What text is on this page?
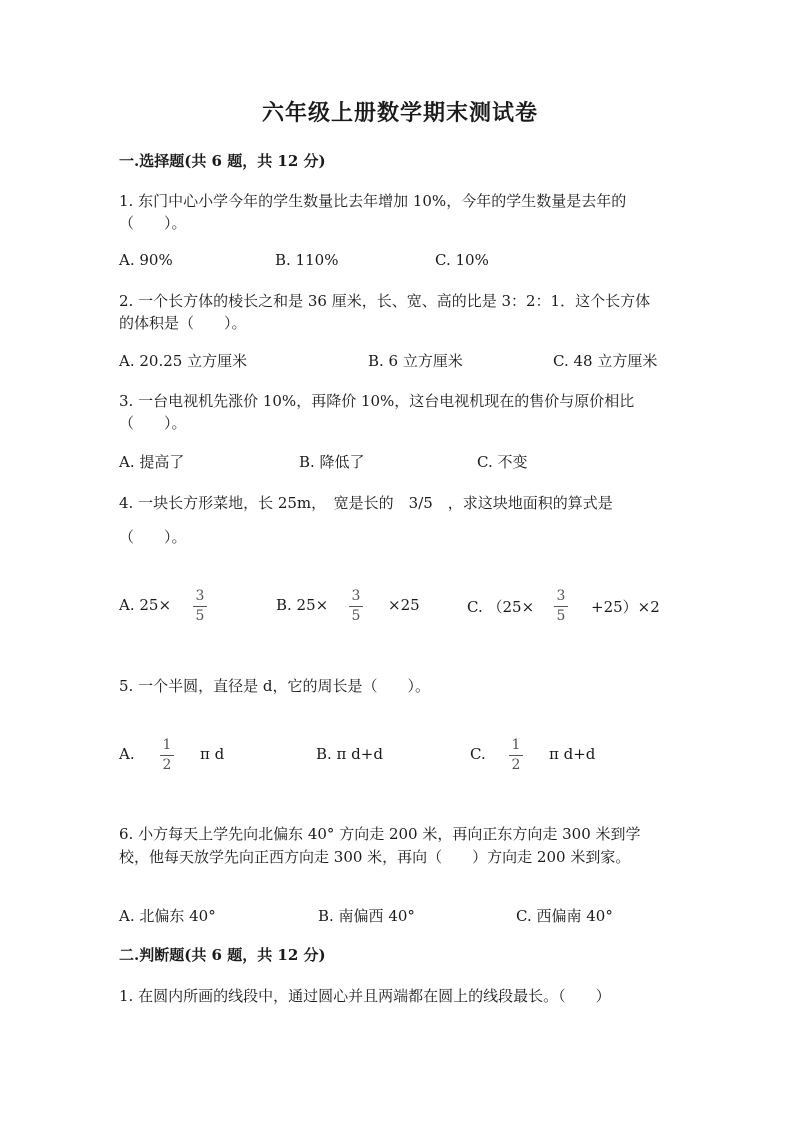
六年级上册数学期末测试卷
一.选择题(共 6 题，共 12 分)
1. 东门中心小学今年的学生数量比去年增加 10%，今年的学生数量是去年的
（　　）。
A. 90%	B. 110%	C. 10%
2. 一个长方体的棱长之和是 36 厘米，长、宽、高的比是 3：2：1．这个长方体
的体积是（　　）。
A. 20.25 立方厘米	B. 6 立方厘米	C. 48 立方厘米
3. 一台电视机先涨价 10%，再降价 10%，这台电视机现在的售价与原价相比
（　　）。
A. 提高了	B. 降低了	C. 不变
4. 一块长方形菜地，长 25m，　宽是长的　3/5　，求这块地面积的算式是
（　　）。
A. 25×	3
5
B. 25×	3
5
×25	C. （25×
3
5	+25）×2
5. 一个半圆，直径是 d，它的周长是（　　）。
A.	1
2
π d	B. π d+d	C.	1
2
π d+d
6. 小方每天上学先向北偏东 40° 方向走 200 米，再向正东方向走 300 米到学
校，他每天放学先向正西方向走 300 米，再向（　　）方向走 200 米到家。
A. 北偏东 40°	B. 南偏西 40°	C. 西偏南 40°
二.判断题(共 6 题，共 12 分)
1. 在圆内所画的线段中，通过圆心并且两端都在圆上的线段最长。（　　）
